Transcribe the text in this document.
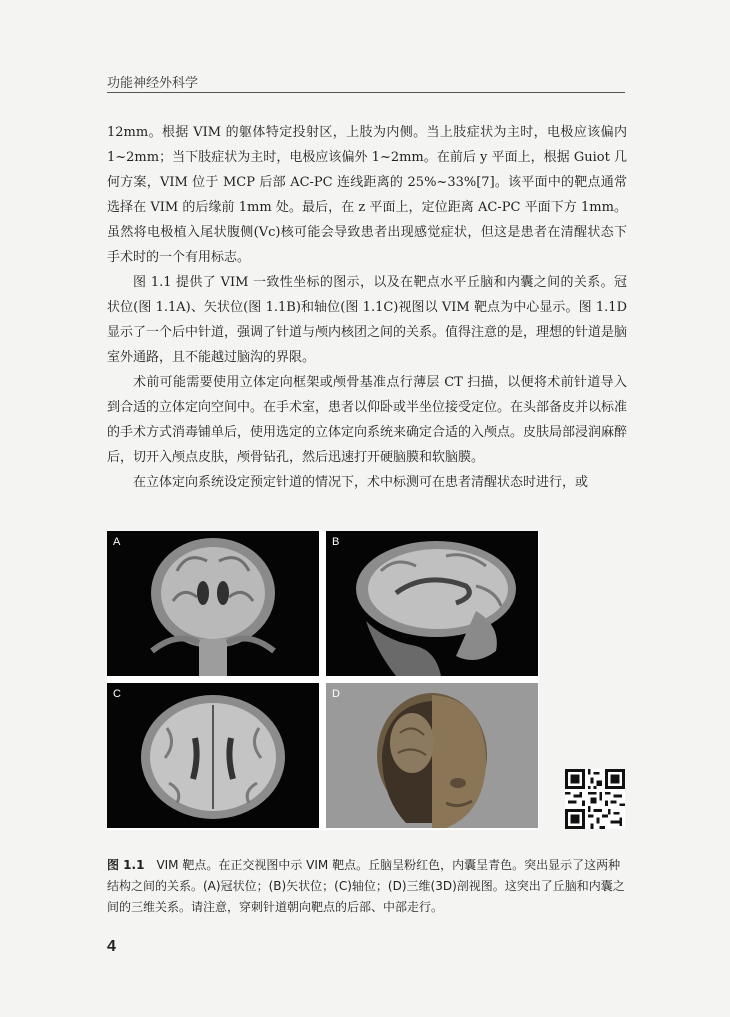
功能神经外科学

12mm。根据 VIM 的躯体特定投射区，上肢为内侧。当上肢症状为主时，电极应该偏内 1~2mm；当下肢症状为主时，电极应该偏外 1~2mm。在前后 y 平面上，根据 Guiot 几何方案，VIM 位于 MCP 后部 AC-PC 连线距离的 25%~33%[7]。该平面中的靶点通常选择在 VIM 的后缘前 1mm 处。最后，在 z 平面上，定位距离 AC-PC 平面下方 1mm。虽然将电极植入尾状腹侧(Vc)核可能会导致患者出现感觉症状，但这是患者在清醒状态下手术时的一个有用标志。

图 1.1 提供了 VIM 一致性坐标的图示，以及在靶点水平丘脑和内囊之间的关系。冠状位(图 1.1A)、矢状位(图 1.1B)和轴位(图 1.1C)视图以 VIM 靶点为中心显示。图 1.1D 显示了一个后中针道，强调了针道与颅内核团之间的关系。值得注意的是，理想的针道是脑室外通路，且不能越过脑沟的界限。

术前可能需要使用立体定向框架或颅骨基准点行薄层 CT 扫描，以便将术前针道导入到合适的立体定向空间中。在手术室，患者以仰卧或半坐位接受定位。在头部备皮并以标准的手术方式消毒铺单后，使用选定的立体定向系统来确定合适的入颅点。皮肤局部浸润麻醉后，切开入颅点皮肤，颅骨钻孔，然后迅速打开硬脑膜和软脑膜。

在立体定向系统设定预定针道的情况下，术中标测可在患者清醒状态时进行，或

A	B
C	D
图 1.1 VIM 靶点。在正交视图中示 VIM 靶点。丘脑呈粉红色，内囊呈青色。突出显示了这两种结构之间的关系。(A)冠状位；(B)矢状位；(C)轴位；(D)三维(3D)剖视图。这突出了丘脑和内囊之间的三维关系。请注意，穿刺针道朝向靶点的后部、中部走行。
4
